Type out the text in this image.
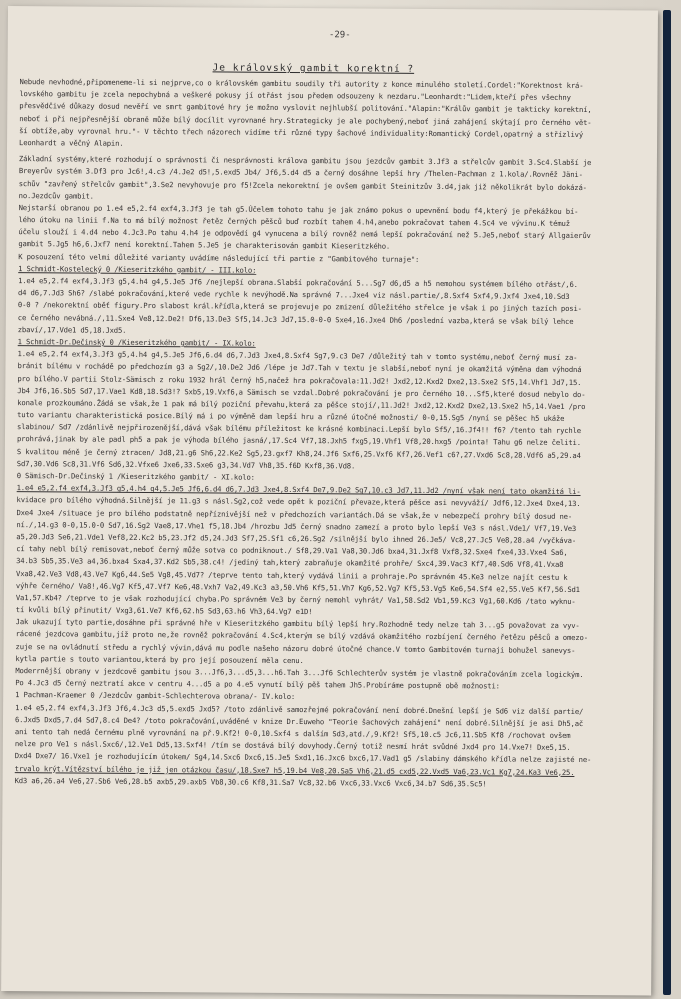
-29-
Je královský gambit korektní ?
Nebude nevhodné,připomeneme-li si nejprve,co o královském gambitu soudily tři autority z konce minulého století.Cordel:"Korektnost krá-
lovského gambitu je zcela nepochybná a veškeré pokusy jí otřást jsou předem odsouzeny k nezdaru."Leonhardt:"Lidem,kteří přes všechny
přesvědčivé důkazy dosud nevěří ve smrt gambitové hry je možno vyslovit nejhlubší politování."Alapin:"Králův gambit je takticky korektní,
neboť i při nejpřesnější obraně může bílý docílit vyrovnané hry.Strategicky je ale pochybený,neboť jiná zahájení skýtají pro černého vět-
ší obtíže,aby vyrovnal hru."- V těchto třech názorech vidíme tři různé typy šachové individuality:Romantický Cordel,opatrný a střízlivý
Leonhardt a věčný Alapin.
Základní systémy,které rozhodují o správnosti či nesprávnosti králova gambitu jsou jezdcův gambit 3.Jf3 a střelcův gambit 3.Sc4.Slabší je
Breyerův systém 3.Df3 pro Jc6!,4.c3 /4.Je2 d5!,5.exd5 Jb4/ Jf6,5.d4 d5 a černý dosáhne lepší hry /Thelen-Pachman z 1.kola/.Rovněž Jäni-
schův "zavřený střelcův gambit",3.Se2 nevyhovuje pro f5!Zcela nekorektní je ovšem gambit Steinitzův 3.d4,jak již několikrát bylo dokázá-
no.Jezdcův gambit.
Nejstarší obranou po 1.e4 e5,2.f4 exf4,3.Jf3 je tah g5.Účelem tohoto tahu je jak známo pokus o upevnění bodu f4,který je překážkou bí-
lého útoku na linii f.Na to má bílý možnost řetěz černých pěšců buď rozbít tahem 4.h4,anebo pokračovat tahem 4.Sc4 ve vývinu.K témuž
účelu slouží i 4.d4 nebo 4.Jc3.Po tahu 4.h4 je odpovědí g4 vynucena a bílý rovněž nemá lepší pokračování než 5.Je5,neboť starý Allgaierův
gambit 5.Jg5 h6,6.Jxf7 není korektní.Tahem 5.Je5 je charakterisován gambit Kieseritzkého.
K posouzení této velmi důležité varianty uvádíme následující tři partie z "Gambitového turnaje":
1 Schmidt-Kostelecký 0 /Kieseritzkého gambit/ - III.kolo:
1.e4 e5,2.f4 exf4,3.Jf3 g5,4.h4 g4,5.Je5 Jf6 /nejlepší obrana.Slabší pokračování 5...Sg7 d6,d5 a h5 nemohou systémem bílého otřást/,6.
d4 d6,7.Jd3 Sh6? /slabé pokračování,které vede rychle k nevýhodě.Na správné 7...Jxe4 viz násl.partie/,8.Sxf4 Sxf4,9.Jxf4 Jxe4,10.Sd3
0-0 ? /nekorektní oběť figury.Pro slabost král.křídla,která se projevuje po zmizení důležitého střelce je však i po jiných tazích posi-
ce černého nevábná./,11.Sxe4 Ve8,12.De2! Df6,13.De3 Sf5,14.Jc3 Jd7,15.0-0-0 Sxe4,16.Jxe4 Dh6 /poslední vazba,která se však bílý lehce
zbaví/,17.Vde1 d5,18.Jxd5.
1 Schmidt-Dr.Dečinský 0 /Kieseritzkého gambit/ - IX.kolo:
1.e4 e5,2.f4 exf4,3.Jf3 g5,4.h4 g4,5.Je5 Jf6,6.d4 d6,7.Jd3 Jxe4,8.Sxf4 Sg7,9.c3 De7 /důležitý tah v tomto systému,neboť černý musí za-
bránit bílému v rochádě po předchozím g3 a Sg2/,10.De2 Jd6 /lépe je Jd7.Tah v textu je slabší,neboť nyní je okamžitá výměna dam výhodná
pro bílého.V partii Stolz-Sämisch z roku 1932 hrál černý h5,načež hra pokračovala:11.Jd2! Jxd2,12.Kxd2 Dxe2,13.Sxe2 Sf5,14.Vhf1 Jd7,15.
Jb4 Jf6,16.Sb5 Sd7,17.Vae1 Kd8,18.Sd3!? Sxb5,19.Vxf6,a Sämisch se vzdal.Dobré pokračování je pro černého 10...Sf5,které dosud nebylo do-
konale prozkoumáno.Žádá se však,že 1 pak má bílý poziční převahu,která za pěšce stojí/,11.Jd2! Jxd2,12.Kxd2 Dxe2,13.Sxe2 h5,14.Vae1 /pro
tuto variantu charakteristická posice.Bílý má i po výměně dam lepší hru a různé útočné možnosti/ 0-0,15.Sg5 /nyní se pěšec h5 ukáže
slabinou/ Sd7 /zdánlivě nejpřirozenější,dává však bílému příležitost ke krásné kombinaci.Lepší bylo Sf5/,16.Jf4!! f6? /tento tah rychle
prohrává,jinak by ale padl ph5 a pak je výhoda bílého jasná/,17.Sc4 Vf7,18.Jxh5 fxg5,19.Vhf1 Vf8,20.hxg5 /pointa! Tahu g6 nelze čeliti.
S kvalitou méně je černý ztracen/ Jd8,21.g6 Sh6,22.Ke2 Sg5,23.gxf7 Kh8,24.Jf6 Sxf6,25.Vxf6 Kf7,26.Vef1 c6?,27.Vxd6 Sc8,28.Vdf6 a5,29.a4
Sd7,30.Vd6 Sc8,31.Vf6 Sd6,32.Vfxe6 Jxe6,33.Sxe6 g3,34.Vd7 Vh8,35.f6D Kxf8,36.Vd8.
0 Sämisch-Dr.Dečinský 1 /Kieseritzkého gambit/ - XI.kolo:
1.e4 e5,2.f4 exf4,3.Jf3 g5,4.h4 g4,5.Je5 Jf6,6.d4 d6,7.Jd3 Jxe4,8.Sxf4 De7,9.De2 Sg7,10.c3 Jd7,11.Jd2 /nyní však není tato okamžitá li-
kvidace pro bílého výhodná.Silnější je 11.g3 s násl.Sg2,což vede opět k poziční převaze,která pěšce asi nevyváží/ Jdf6,12.Jxe4 Dxe4,13.
Dxe4 Jxe4 /situace je pro bílého podstatně nepříznivější než v předchozích variantách.Dá se však,že v nebezpečí prohry bílý dosud ne-
ní./,14.g3 0-0,15.0-0 Sd7,16.Sg2 Vae8,17.Vhe1 f5,18.Jb4 /hrozbu Jd5 černý snadno zamezí a proto bylo lepší Ve3 s násl.Vde1/ Vf7,19.Ve3
a5,20.Jd3 Se6,21.Vde1 Vef8,22.Kc2 b5,23.Jf2 d5,24.Jd3 Sf7,25.Sf1 c6,26.Sg2 /silnější bylo ihned 26.Je5/ Vc8,27.Jc5 Ve8,28.a4 /vyčkáva-
cí tahy nebl bílý remisovat,neboť černý může sotva co podniknout./ Sf8,29.Va1 Va8,30.Jd6 bxa4,31.Jxf8 Vxf8,32.Sxe4 fxe4,33.Vxe4 Sa6,
34.b3 Sb5,35.Ve3 a4,36.bxa4 Sxa4,37.Kd2 Sb5,38.c4! /jediný tah,který zabraňuje okamžité prohře/ Sxc4,39.Vac3 Kf7,40.Sd6 Vf8,41.Vxa8
Vxa8,42.Ve3 Vd8,43.Ve7 Kg6,44.Se5 Vg8,45.Vd7? /teprve tento tah,který vydává linii a prohraje.Po správném 45.Ke3 nelze najít cestu k
výhře černého/ Va8!,46.Vg7 Kf5,47.Vf7 Ke6,48.Vxh7 Va2,49.Kc3 a3,50.Vh6 Kf5,51.Vh7 Kg6,52.Vg7 Kf5,53.Vg5 Ke6,54.Sf4 e2,55.Ve5 Kf7,56.Sd1
Va1,57.Kb4? /teprve to je však rozhodující chyba.Po správném Ve3 by černý nemohl vyhrát/ Va1,58.Sd2 Vb1,59.Kc3 Vg1,60.Kd6 /tato wyknu-
tí kvůli bílý přinutit/ Vxg3,61.Ve7 Kf6,62.h5 Sd3,63.h6 Vh3,64.Vg7 e1D!
Jak ukazují tyto partie,dosáhne při správné hře v Kieseritzkého gambitu bílý lepší hry.Rozhodně tedy nelze tah 3...g5 považovat za vyv-
rácené jezdcova gambitu,jíž proto ne,že rovněž pokračování 4.Sc4,kterým se bílý vzdává okamžitého rozbíjení černého řetězu pěšců a omezo-
zuje se na ovládnutí středu a rychlý vývin,dává mu podle našeho názoru dobré útočné chance.V tomto Gambitovém turnaji bohužel sanevys-
kytla partie s touto variantou,která by pro její posouzení měla cenu.
Moderrnější obrany v jezdcově gambitu jsou 3...Jf6,3...d5,3...h6.Tah 3...Jf6 Schlechterův systém je vlastně pokračováním zcela logickým.
Po 4.Jc3 d5 černý neztratí akce v centru 4...d5 a po 4.e5 vynutí bílý pěš tahem Jh5.Probíráme postupně obě možnosti:
1 Pachman-Kraemer 0 /Jezdcův gambit-Schlechterova obrana/- IV.kolo:
1.e4 e5,2.f4 exf4,3.Jf3 Jf6,4.Jc3 d5,5.exd5 Jxd5? /toto zdánlivě samozřejmé pokračování není dobré.Dnešní lepší je Sd6 viz další partie/
6.Jxd5 Dxd5,7.d4 Sd7,8.c4 De4? /toto pokračování,uváděné v knize Dr.Euweho "Teorie šachových zahájení" není dobré.Silnější je asi Dh5,ač
ani tento tah nedá černému plně vyrovnání na př.9.Kf2! 0-0,10.Sxf4 s dalším Sd3,atd./,9.Kf2! Sf5,10.c5 Jc6,11.Sb5 Kf8 /rochovat ovšem
nelze pro Ve1 s násl.Sxc6/,12.Ve1 Dd5,13.Sxf4! /tím se dostává bílý dovyhody.Černý totiž nesmí hrát svůdné Jxd4 pro 14.Vxe7! Dxe5,15.
Dxd4 Dxe7/ 16.Vxe1 je rozhodujícím útokem/ Sg4,14.Sxc6 Dxc6,15.Je5 Sxd1,16.Jxc6 bxc6,17.Vad1 g5 /slabiny dámského křídla nelze zajisté ne-
trvalo krýt.Vítězství bílého je již jen otázkou času/,18.Sxe7 h5,19.b4 Ve8,20.Sa5 Vh6,21.d5 cxd5,22.Vxd5 Va6,23.Vc1 Kg7,24.Ka3 Ve6,25.
Kd3 a6,26.a4 Ve6,27.Sb6 Ve6,28.b5 axb5,29.axb5 Vb8,30.c6 Kf8,31.Sa7 Vc8,32.b6 Vxc6,33.Vxc6 Vxc6,34.b7 Sd6,35.Sc5!
